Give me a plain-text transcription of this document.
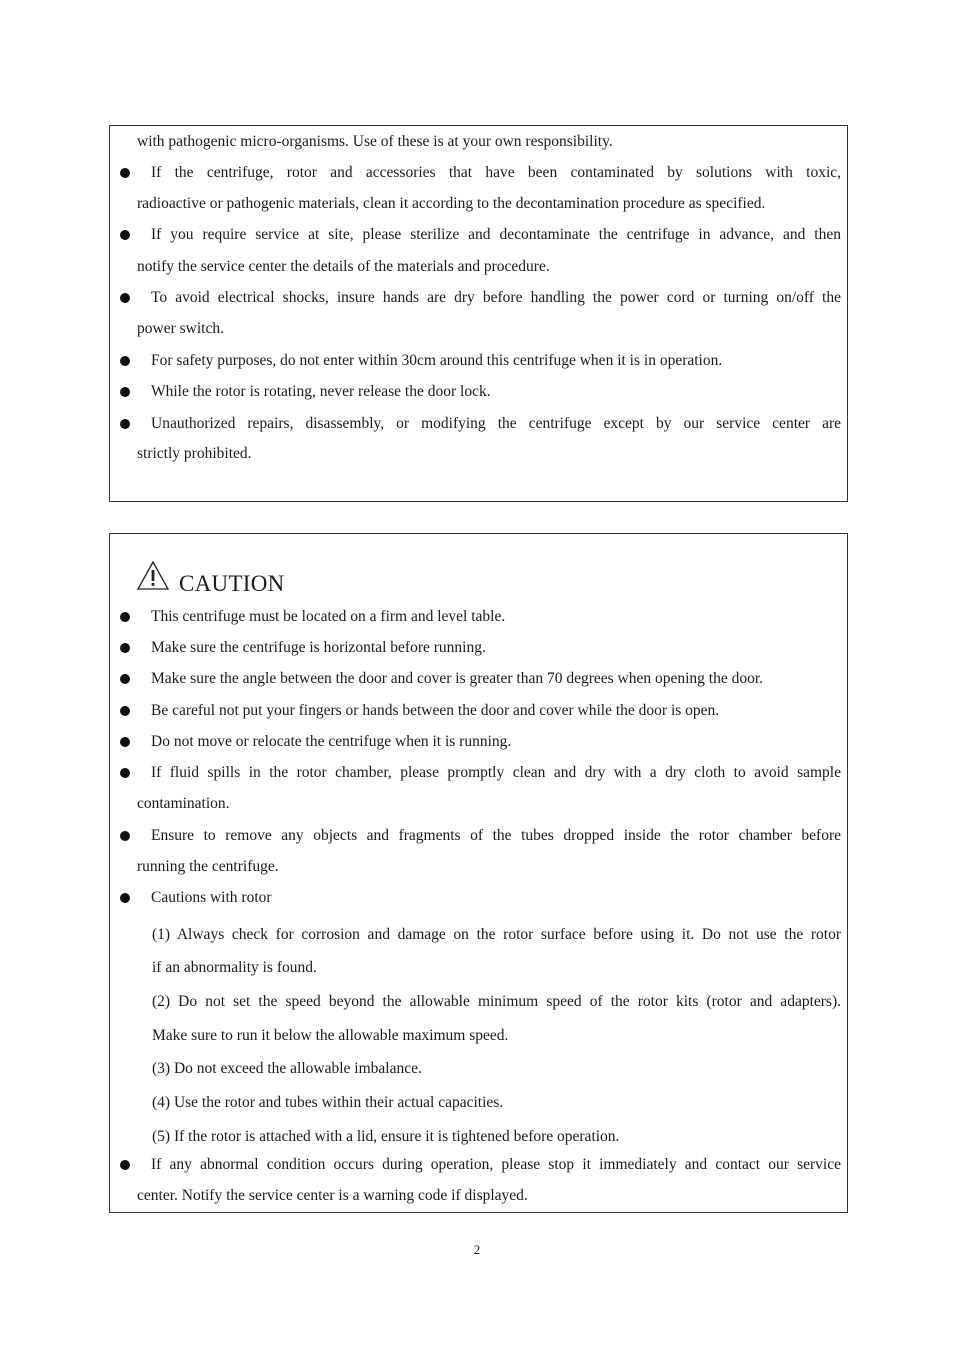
with pathogenic micro-organisms. Use of these is at your own responsibility.
If the centrifuge, rotor and accessories that have been contaminated by solutions with toxic,
radioactive or pathogenic materials, clean it according to the decontamination procedure as specified.
If you require service at site, please sterilize and decontaminate the centrifuge in advance, and then
notify the service center the details of the materials and procedure.
To avoid electrical shocks, insure hands are dry before handling the power cord or turning on/off the
power switch.
For safety purposes, do not enter within 30cm around this centrifuge when it is in operation.
While the rotor is rotating, never release the door lock.
Unauthorized repairs, disassembly, or modifying the centrifuge except by our service center are
strictly prohibited.
CAUTION
This centrifuge must be located on a firm and level table.
Make sure the centrifuge is horizontal before running.
Make sure the angle between the door and cover is greater than 70 degrees when opening the door.
Be careful not put your fingers or hands between the door and cover while the door is open.
Do not move or relocate the centrifuge when it is running.
If fluid spills in the rotor chamber, please promptly clean and dry with a dry cloth to avoid sample
contamination.
Ensure to remove any objects and fragments of the tubes dropped inside the rotor chamber before
running the centrifuge.
Cautions with rotor
(1) Always check for corrosion and damage on the rotor surface before using it. Do not use the rotor
if an abnormality is found.
(2) Do not set the speed beyond the allowable minimum speed of the rotor kits (rotor and adapters).
Make sure to run it below the allowable maximum speed.
(3) Do not exceed the allowable imbalance.
(4) Use the rotor and tubes within their actual capacities.
(5) If the rotor is attached with a lid, ensure it is tightened before operation.
If any abnormal condition occurs during operation, please stop it immediately and contact our service
center. Notify the service center is a warning code if displayed.
2
